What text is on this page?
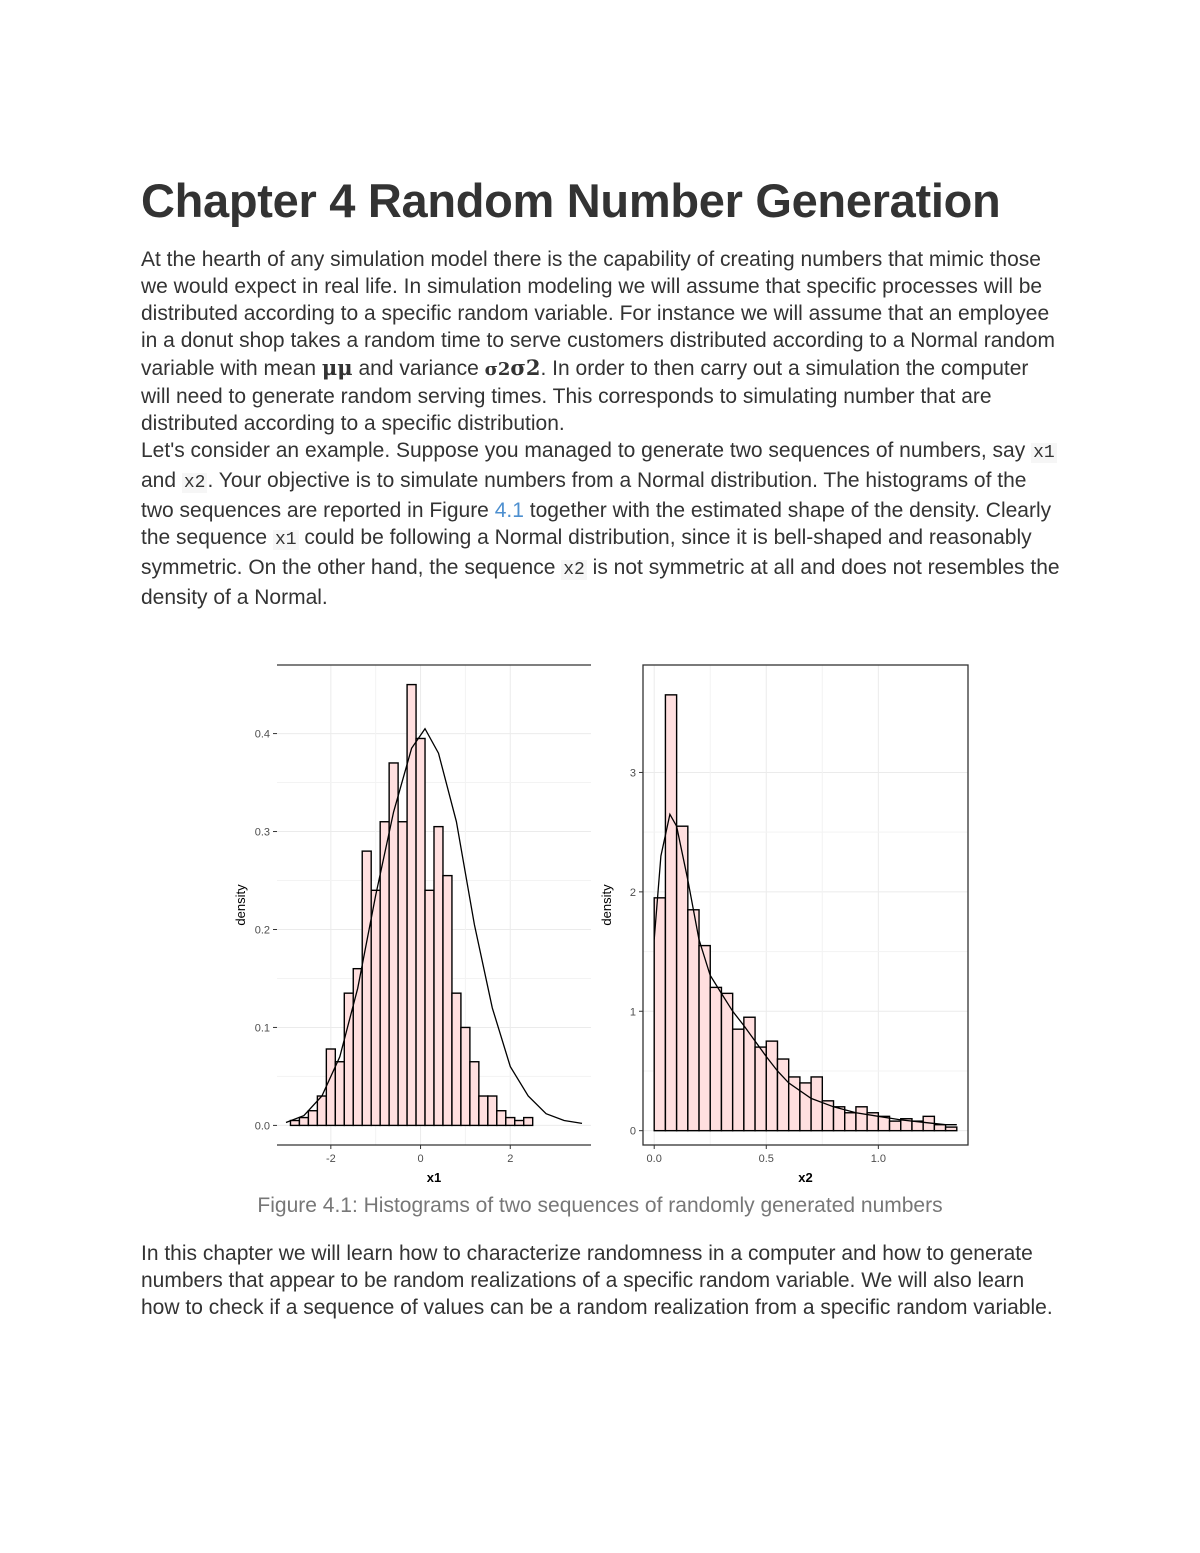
Chapter 4 Random Number Generation

At the hearth of any simulation model there is the capability of creating numbers that mimic those we would expect in real life. In simulation modeling we will assume that specific processes will be distributed according to a specific random variable. For instance we will assume that an employee in a donut shop takes a random time to serve customers distributed according to a Normal random variable with mean μμ and variance σ2σ2. In order to then carry out a simulation the computer will need to generate random serving times. This corresponds to simulating number that are distributed according to a specific distribution.

Let's consider an example. Suppose you managed to generate two sequences of numbers, say x1 and x2. Your objective is to simulate numbers from a Normal distribution. The histograms of the two sequences are reported in Figure 4.1 together with the estimated shape of the density. Clearly the sequence x1 could be following a Normal distribution, since it is bell-shaped and reasonably symmetric. On the other hand, the sequence x2 is not symmetric at all and does not resembles the density of a Normal.

0.0
0.1
0.2
0.3
0.4
-2	0	2
x1
density
0
1
2
3
0.0	0.5	1.0
x2
density
Figure 4.1: Histograms of two sequences of randomly generated numbers

In this chapter we will learn how to characterize randomness in a computer and how to generate numbers that appear to be random realizations of a specific random variable. We will also learn how to check if a sequence of values can be a random realization from a specific random variable.
